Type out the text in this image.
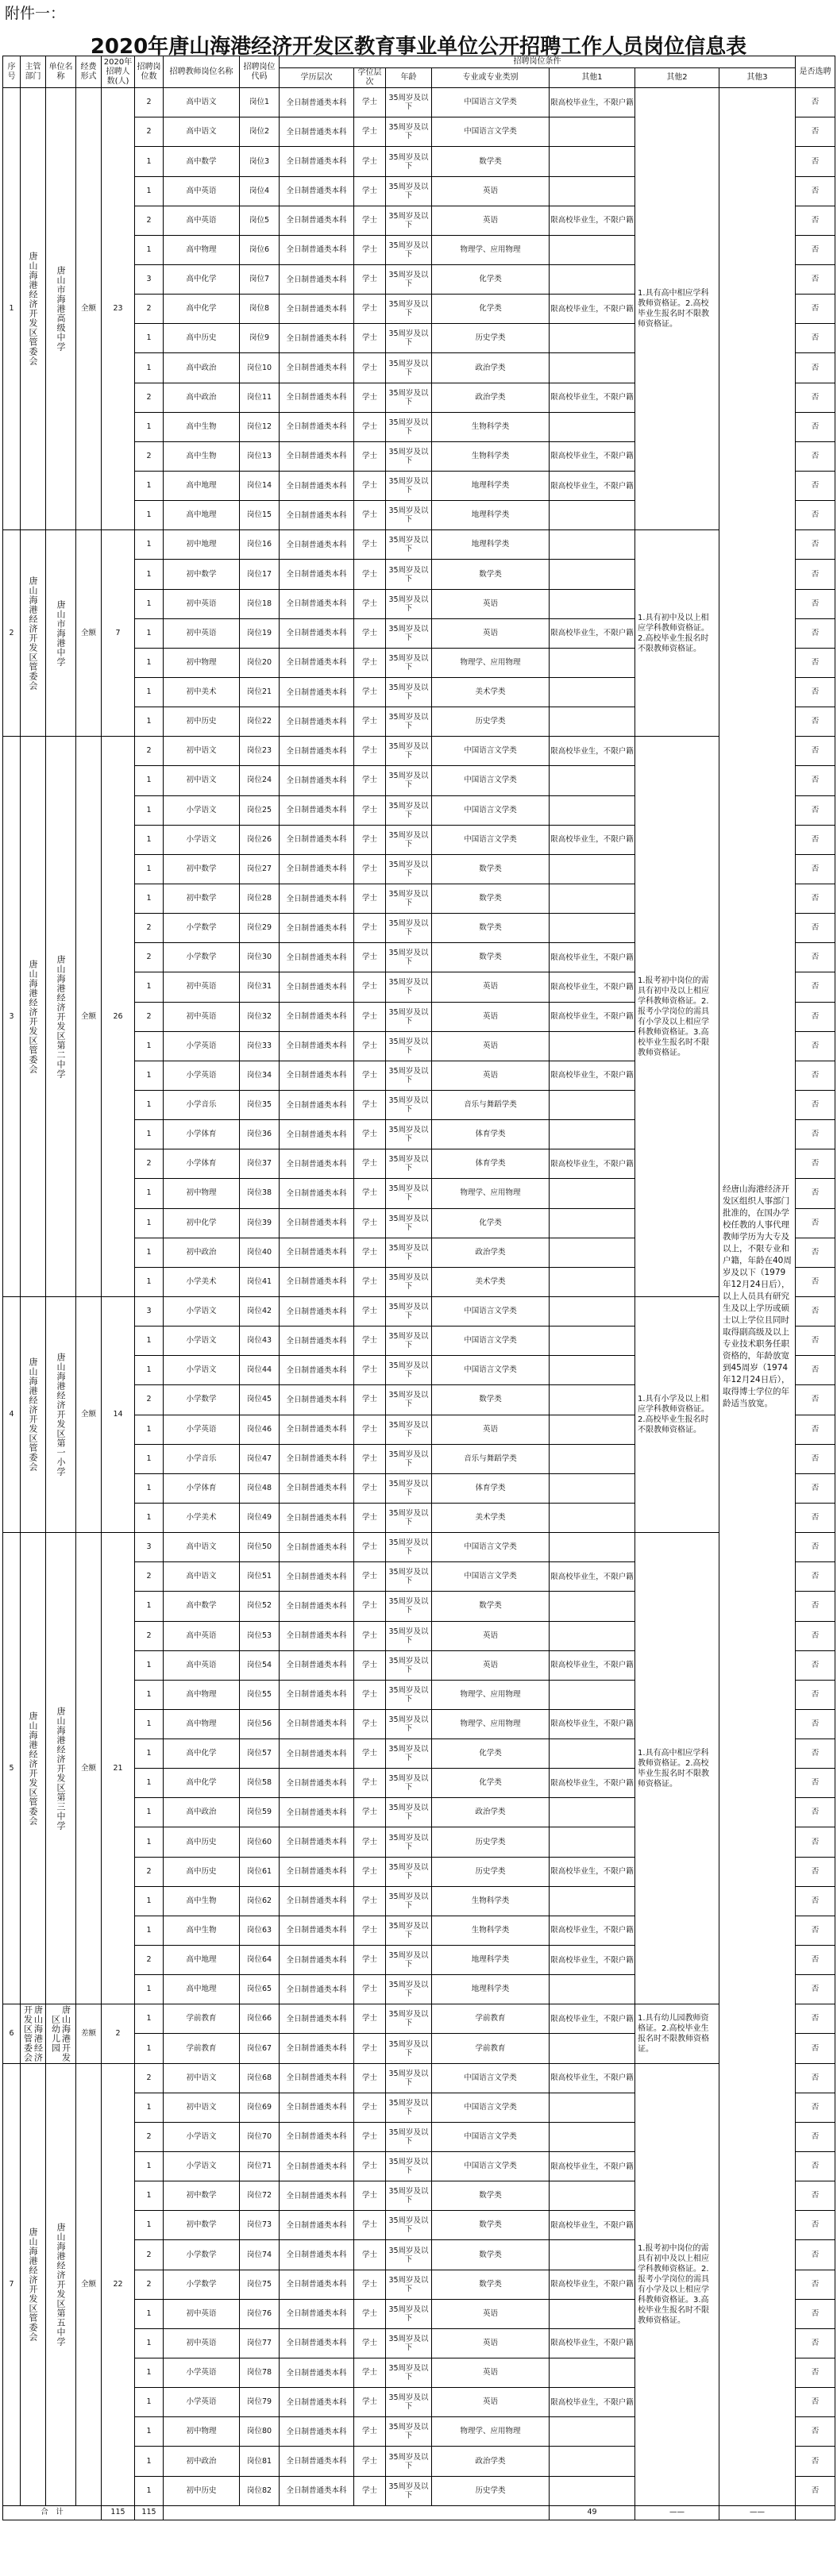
附件一：
2020年唐山海港经济开发区教育事业单位公开招聘工作人员岗位信息表
序号	主管部门	单位名称	经费形式	2020年招聘人数(人)	招聘岗位数	招聘教师岗位名称	招聘岗位代码	招聘岗位条件							是否选聘
								学历层次	学位层次	年龄	专业或专业类别	其他1	其他2	其他3	
1	唐山海港经济开发区管委会	唐山市海港高级中学	全额	23	2	高中语文	岗位1	全日制普通类本科	学士	35周岁及以下	中国语言文学类	限高校毕业生，不限户籍	1.具有高中相应学科教师资格证。2.高校毕业生报名时不限教师资格证。	经唐山海港经济开发区组织人事部门批准的，在国办学校任教的人事代理教师学历为大专及以上，不限专业和户籍，年龄在40周岁及以下（1979年12月24日后），以上人员具有研究生及以上学历或硕士以上学位且同时取得副高级及以上专业技术职务任职资格的，年龄放宽到45周岁（1974年12月24日后），取得博士学位的年龄适当放宽。	否
					2	高中语文	岗位2	全日制普通类本科	学士	35周岁及以下	中国语言文学类				否
					1	高中数学	岗位3	全日制普通类本科	学士	35周岁及以下	数学类				否
					1	高中英语	岗位4	全日制普通类本科	学士	35周岁及以下	英语				否
					2	高中英语	岗位5	全日制普通类本科	学士	35周岁及以下	英语	限高校毕业生，不限户籍			否
					1	高中物理	岗位6	全日制普通类本科	学士	35周岁及以下	物理学、应用物理				否
					3	高中化学	岗位7	全日制普通类本科	学士	35周岁及以下	化学类				否
					2	高中化学	岗位8	全日制普通类本科	学士	35周岁及以下	化学类	限高校毕业生，不限户籍			否
					1	高中历史	岗位9	全日制普通类本科	学士	35周岁及以下	历史学类				否
					1	高中政治	岗位10	全日制普通类本科	学士	35周岁及以下	政治学类				否
					2	高中政治	岗位11	全日制普通类本科	学士	35周岁及以下	政治学类	限高校毕业生，不限户籍			否
					1	高中生物	岗位12	全日制普通类本科	学士	35周岁及以下	生物科学类				否
					2	高中生物	岗位13	全日制普通类本科	学士	35周岁及以下	生物科学类	限高校毕业生，不限户籍			否
					1	高中地理	岗位14	全日制普通类本科	学士	35周岁及以下	地理科学类	限高校毕业生，不限户籍			否
					1	高中地理	岗位15	全日制普通类本科	学士	35周岁及以下	地理科学类				否
2	唐山海港经济开发区管委会	唐山市海港中学	全额	7	1	初中地理	岗位16	全日制普通类本科	学士	35周岁及以下	地理科学类		1.具有初中及以上相应学科教师资格证。2.高校毕业生报名时不限教师资格证。		否
					1	初中数学	岗位17	全日制普通类本科	学士	35周岁及以下	数学类				否
					1	初中英语	岗位18	全日制普通类本科	学士	35周岁及以下	英语				否
					1	初中英语	岗位19	全日制普通类本科	学士	35周岁及以下	英语	限高校毕业生，不限户籍			否
					1	初中物理	岗位20	全日制普通类本科	学士	35周岁及以下	物理学、应用物理				否
					1	初中美术	岗位21	全日制普通类本科	学士	35周岁及以下	美术学类				否
					1	初中历史	岗位22	全日制普通类本科	学士	35周岁及以下	历史学类				否
3	唐山海港经济开发区管委会	唐山海港经济开发区第二中学	全额	26	2	初中语文	岗位23	全日制普通类本科	学士	35周岁及以下	中国语言文学类	限高校毕业生，不限户籍	1.报考初中岗位的需具有初中及以上相应学科教师资格证。2.报考小学岗位的需具有小学及以上相应学科教师资格证。3.高校毕业生报名时不限教师资格证。		否
					1	初中语文	岗位24	全日制普通类本科	学士	35周岁及以下	中国语言文学类				否
					1	小学语文	岗位25	全日制普通类本科	学士	35周岁及以下	中国语言文学类				否
					1	小学语文	岗位26	全日制普通类本科	学士	35周岁及以下	中国语言文学类	限高校毕业生，不限户籍			否
					1	初中数学	岗位27	全日制普通类本科	学士	35周岁及以下	数学类				否
					1	初中数学	岗位28	全日制普通类本科	学士	35周岁及以下	数学类				否
					2	小学数学	岗位29	全日制普通类本科	学士	35周岁及以下	数学类				否
					2	小学数学	岗位30	全日制普通类本科	学士	35周岁及以下	数学类	限高校毕业生，不限户籍			否
					1	初中英语	岗位31	全日制普通类本科	学士	35周岁及以下	英语	限高校毕业生，不限户籍			否
					2	初中英语	岗位32	全日制普通类本科	学士	35周岁及以下	英语	限高校毕业生，不限户籍			否
					1	小学英语	岗位33	全日制普通类本科	学士	35周岁及以下	英语				否
					1	小学英语	岗位34	全日制普通类本科	学士	35周岁及以下	英语	限高校毕业生，不限户籍			否
					1	小学音乐	岗位35	全日制普通类本科	学士	35周岁及以下	音乐与舞蹈学类				否
					1	小学体育	岗位36	全日制普通类本科	学士	35周岁及以下	体育学类				否
					2	小学体育	岗位37	全日制普通类本科	学士	35周岁及以下	体育学类	限高校毕业生，不限户籍			否
					1	初中物理	岗位38	全日制普通类本科	学士	35周岁及以下	物理学、应用物理				否
					1	初中化学	岗位39	全日制普通类本科	学士	35周岁及以下	化学类				否
					1	初中政治	岗位40	全日制普通类本科	学士	35周岁及以下	政治学类				否
					1	小学美术	岗位41	全日制普通类本科	学士	35周岁及以下	美术学类				否
4	唐山海港经济开发区管委会	唐山海港经济开发区第一小学	全额	14	3	小学语文	岗位42	全日制普通类本科	学士	35周岁及以下	中国语言文学类		1.具有小学及以上相应学科教师资格证。2.高校毕业生报名时不限教师资格证。		否
					1	小学语文	岗位43	全日制普通类本科	学士	35周岁及以下	中国语言文学类				否
					1	小学语文	岗位44	全日制普通类本科	学士	35周岁及以下	中国语言文学类				否
					2	小学数学	岗位45	全日制普通类本科	学士	35周岁及以下	数学类				否
					1	小学英语	岗位46	全日制普通类本科	学士	35周岁及以下	英语				否
					1	小学音乐	岗位47	全日制普通类本科	学士	35周岁及以下	音乐与舞蹈学类				否
					1	小学体育	岗位48	全日制普通类本科	学士	35周岁及以下	体育学类				否
					1	小学美术	岗位49	全日制普通类本科	学士	35周岁及以下	美术学类				否
5	唐山海港经济开发区管委会	唐山海港经济开发区第三中学	全额	21	3	高中语文	岗位50	全日制普通类本科	学士	35周岁及以下	中国语言文学类		1.具有高中相应学科教师资格证。2.高校毕业生报名时不限教师资格证。		否
					2	高中语文	岗位51	全日制普通类本科	学士	35周岁及以下	中国语言文学类	限高校毕业生，不限户籍			否
					1	高中数学	岗位52	全日制普通类本科	学士	35周岁及以下	数学类				否
					2	高中英语	岗位53	全日制普通类本科	学士	35周岁及以下	英语				否
					1	高中英语	岗位54	全日制普通类本科	学士	35周岁及以下	英语	限高校毕业生，不限户籍			否
					1	高中物理	岗位55	全日制普通类本科	学士	35周岁及以下	物理学、应用物理				否
					1	高中物理	岗位56	全日制普通类本科	学士	35周岁及以下	物理学、应用物理	限高校毕业生，不限户籍			否
					1	高中化学	岗位57	全日制普通类本科	学士	35周岁及以下	化学类				否
					1	高中化学	岗位58	全日制普通类本科	学士	35周岁及以下	化学类	限高校毕业生，不限户籍			否
					1	高中政治	岗位59	全日制普通类本科	学士	35周岁及以下	政治学类				否
					1	高中历史	岗位60	全日制普通类本科	学士	35周岁及以下	历史学类				否
					2	高中历史	岗位61	全日制普通类本科	学士	35周岁及以下	历史学类	限高校毕业生，不限户籍			否
					1	高中生物	岗位62	全日制普通类本科	学士	35周岁及以下	生物科学类				否
					1	高中生物	岗位63	全日制普通类本科	学士	35周岁及以下	生物科学类	限高校毕业生，不限户籍			否
					2	高中地理	岗位64	全日制普通类本科	学士	35周岁及以下	地理科学类	限高校毕业生，不限户籍			否
					1	高中地理	岗位65	全日制普通类本科	学士	35周岁及以下	地理科学类				否
6	唐山海港经济开发区管委会	唐山海港开发区幼儿园	差额	2	1	学前教育	岗位66	全日制普通类本科	学士	35周岁及以下	学前教育	限高校毕业生，不限户籍	1.具有幼儿园教师资格证。2.高校毕业生报名时不限教师资格证。		否
					1	学前教育	岗位67	全日制普通类本科	学士	35周岁及以下	学前教育				否
7	唐山海港经济开发区管委会	唐山海港经济开发区第五中学	全额	22	2	初中语文	岗位68	全日制普通类本科	学士	35周岁及以下	中国语言文学类	限高校毕业生，不限户籍	1.报考初中岗位的需具有初中及以上相应学科教师资格证。2.报考小学岗位的需具有小学及以上相应学科教师资格证。3.高校毕业生报名时不限教师资格证。		否
					1	初中语文	岗位69	全日制普通类本科	学士	35周岁及以下	中国语言文学类				否
					2	小学语文	岗位70	全日制普通类本科	学士	35周岁及以下	中国语言文学类				否
					1	小学语文	岗位71	全日制普通类本科	学士	35周岁及以下	中国语言文学类	限高校毕业生，不限户籍			否
					1	初中数学	岗位72	全日制普通类本科	学士	35周岁及以下	数学类				否
					1	初中数学	岗位73	全日制普通类本科	学士	35周岁及以下	数学类	限高校毕业生，不限户籍			否
					2	小学数学	岗位74	全日制普通类本科	学士	35周岁及以下	数学类				否
					2	小学数学	岗位75	全日制普通类本科	学士	35周岁及以下	数学类	限高校毕业生，不限户籍			否
					1	初中英语	岗位76	全日制普通类本科	学士	35周岁及以下	英语				否
					1	初中英语	岗位77	全日制普通类本科	学士	35周岁及以下	英语	限高校毕业生，不限户籍			否
					1	小学英语	岗位78	全日制普通类本科	学士	35周岁及以下	英语				否
					1	小学英语	岗位79	全日制普通类本科	学士	35周岁及以下	英语	限高校毕业生，不限户籍			否
					1	初中物理	岗位80	全日制普通类本科	学士	35周岁及以下	物理学、应用物理				否
					1	初中政治	岗位81	全日制普通类本科	学士	35周岁及以下	政治学类				否
					1	初中历史	岗位82	全日制普通类本科	学士	35周岁及以下	历史学类				否
合　计				115	115							49	——	——	
